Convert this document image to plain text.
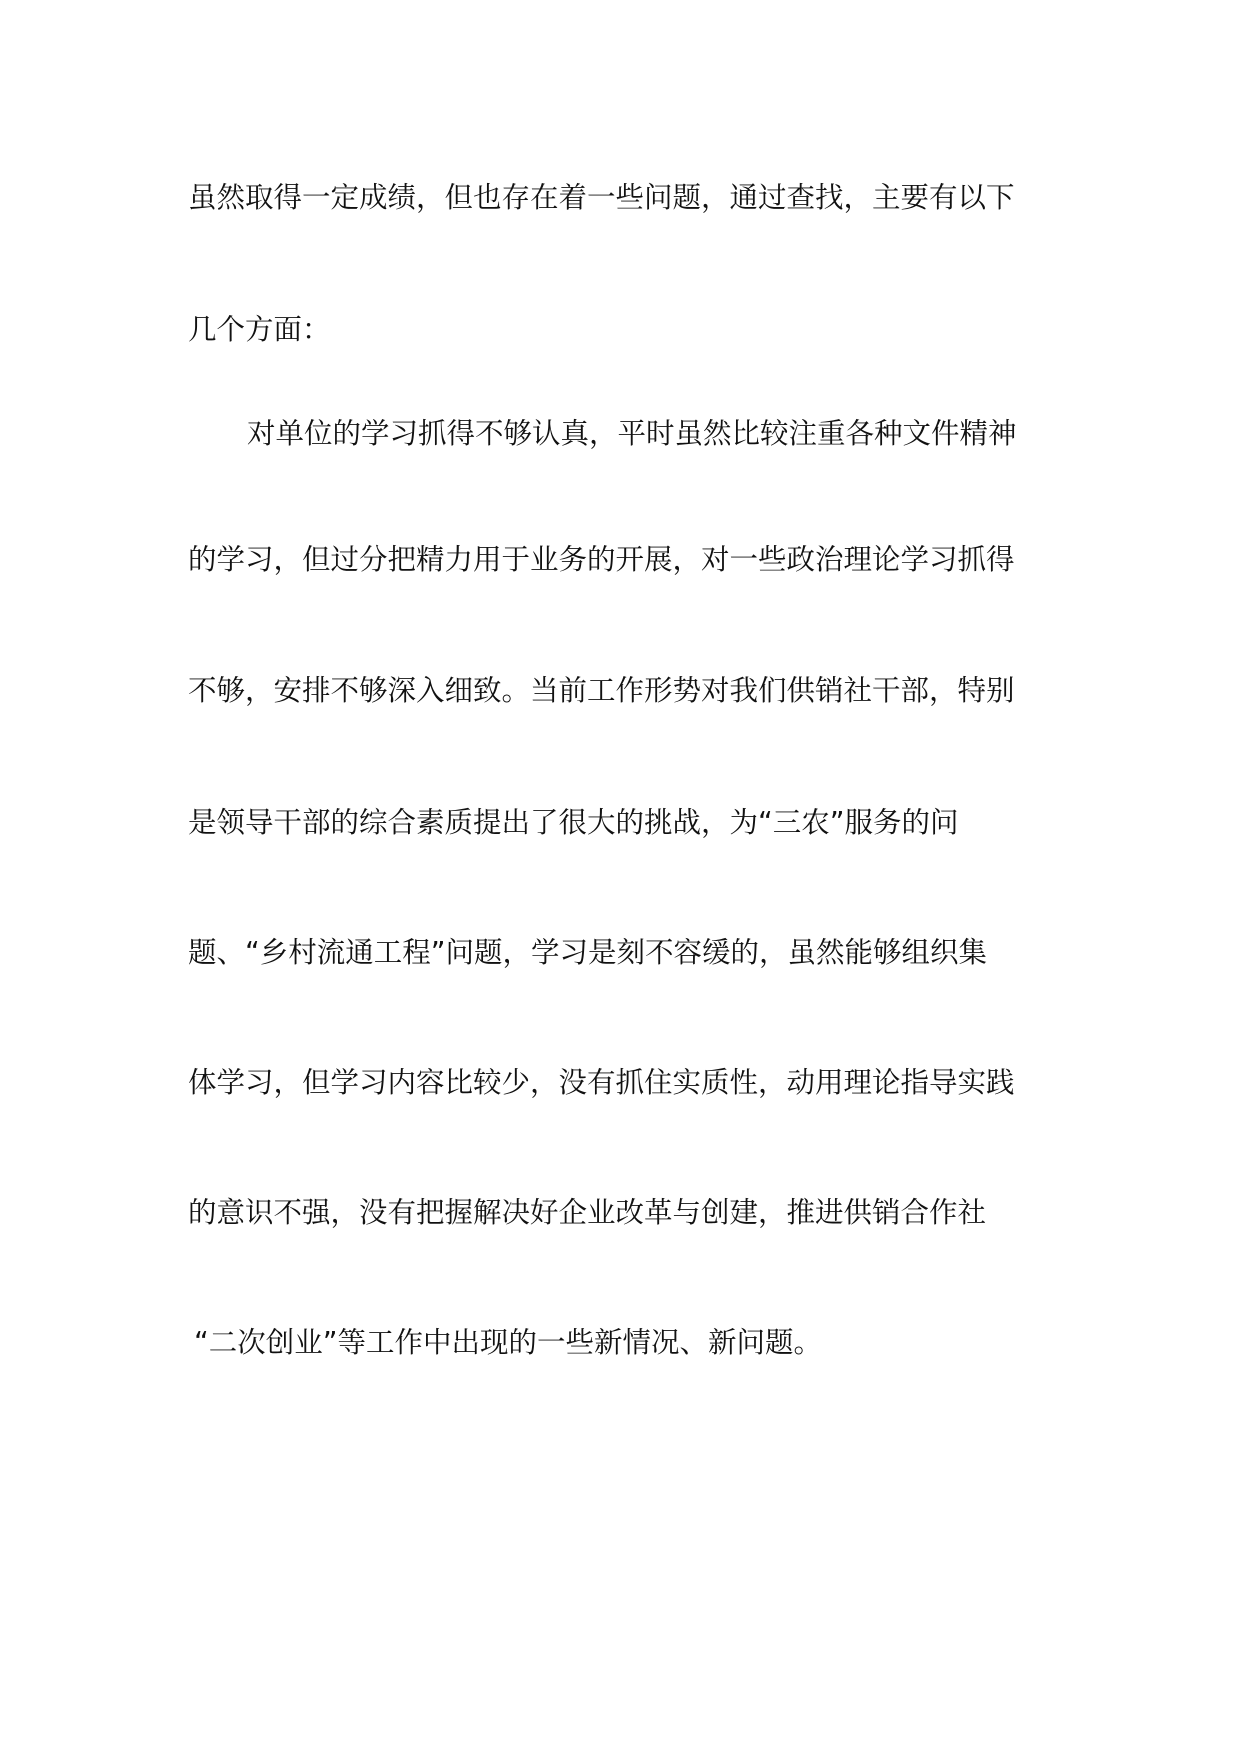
虽然取得一定成绩，但也存在着一些问题，通过查找，主要有以下
几个方面：
对单位的学习抓得不够认真，平时虽然比较注重各种文件精神
的学习，但过分把精力用于业务的开展，对一些政治理论学习抓得
不够，安排不够深入细致。当前工作形势对我们供销社干部，特别
是领导干部的综合素质提出了很大的挑战，为“三农”服务的问
题、“乡村流通工程”问题，学习是刻不容缓的，虽然能够组织集
体学习，但学习内容比较少，没有抓住实质性，动用理论指导实践
的意识不强，没有把握解决好企业改革与创建，推进供销合作社
“二次创业”等工作中出现的一些新情况、新问题。
